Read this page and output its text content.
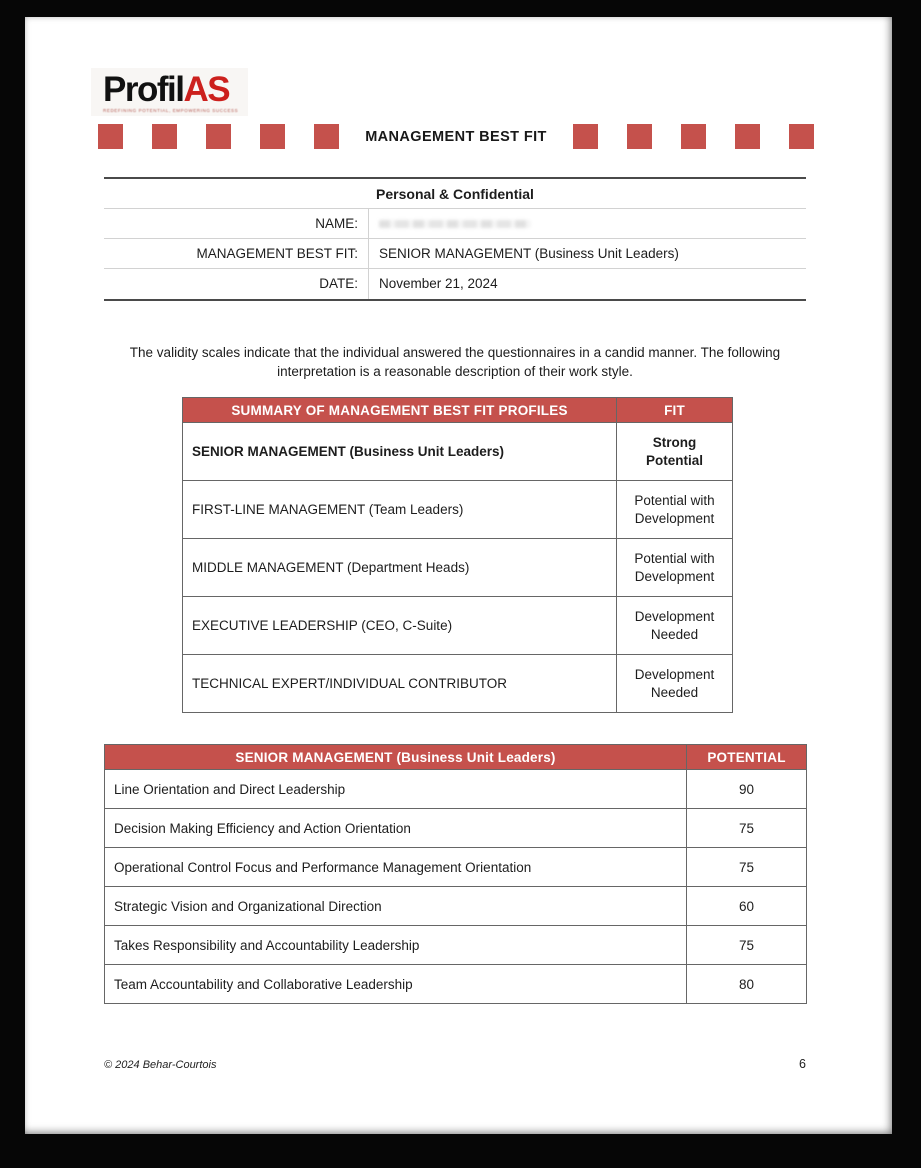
ProfilAS
REDEFINING POTENTIAL, EMPOWERING SUCCESS
MANAGEMENT BEST FIT
Personal & Confidential
NAME:
MANAGEMENT BEST FIT:	SENIOR MANAGEMENT (Business Unit Leaders)
DATE:	November 21, 2024

The validity scales indicate that the individual answered the questionnaires in a candid manner. The following interpretation is a reasonable description of their work style.

SUMMARY OF MANAGEMENT BEST FIT PROFILES	FIT
SENIOR MANAGEMENT (Business Unit Leaders)	Strong Potential
FIRST-LINE MANAGEMENT (Team Leaders)	Potential with Development
MIDDLE MANAGEMENT (Department Heads)	Potential with Development
EXECUTIVE LEADERSHIP (CEO, C-Suite)	Development Needed
TECHNICAL EXPERT/INDIVIDUAL CONTRIBUTOR	Development Needed
SENIOR MANAGEMENT (Business Unit Leaders)	POTENTIAL
Line Orientation and Direct Leadership	90
Decision Making Efficiency and Action Orientation	75
Operational Control Focus and Performance Management Orientation	75
Strategic Vision and Organizational Direction	60
Takes Responsibility and Accountability Leadership	75
Team Accountability and Collaborative Leadership	80
© 2024 Behar-Courtois	6
